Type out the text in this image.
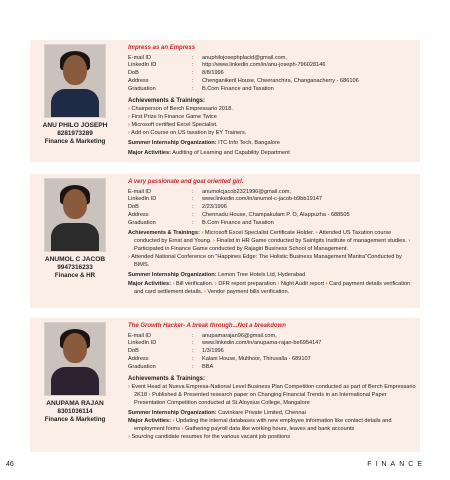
ANU PHILO JOSEPH
8281973289
Finance & Marketing
Impress as an Empress
E-mail ID	:	anuphilojosephplacid@gmail.com,
LinkedIn ID	:	http://www.linkedin.com/in/anu-joseph-796028146
DoB	:	8/8/1996
Address	:	Chenganikeril House, Cheeranchira, Changanacherry - 686106
Graduation	:	B.Com Finance and Taxation
Achievements & Trainings:
› Chairperson of Berch Empressario 2018.
› First Prize In Finance Game Twice
› Microsoft certified Excel Specialist.
› Add on Course on US taxation by EY Trainers.
Summer Internship Organization: ITC Info Tech, Bangalore
Major Activities: Auditing of Learning and Capability Department
ANUMOL C JACOB
9947316233
Finance & HR
A very passionate and goal oriented girl.
E-mail ID	:	anumolcjacob2321996@gmail.com,
LinkedIn ID	:	www.linkedin.com/in/anumol-c-jacob-b9bb19147
DoB	:	2/23/1996
Address	:	Chennadu House, Champakulam P. O, Alappuzha - 688505
Graduation	:	B.Com Finance and Taxation
Achievements & Trainings: › Microsoft Excel Specialist Certificate Holder. › Attended US Taxation course conducted by Ernst and Young. › Finalist in HR Game conducted by Saintgits Institute of management studies. › Participated in Finance Game conducted by Rajagiri Business School of Management.
› Attended National Conference on "Happines Edge: The Holistic Business Management Mantra"Conducted by BIMS.
Summer Internship Organization: Lemon Tree Hotels Ltd, Hyderabad
Major Activities: › Bill verification. › DFR report preparation › Night Audit report › Card payment details verification and card settlement details. › Vendor payment bills verification.
ANUPAMA RAJAN
8301036114
Finance & Marketing
The Growth Hacker- A break through...Not a breakdown
E-mail ID	:	anupamarajan96@gmail.com,
LinkedIn ID	:	www.linkedin.com/in/anupama-rajan-be6954147
DoB	:	1/3/1996
Address	:	Kalani House, Multhoor, Thiruvalla - 689107
Graduation	:	BBA
Achievements & Trainings:
› Event Head at Nueva Empresa-National Level Business Plan Competition conducted as part of Berch Empressario 2K18 › Published & Presented research paper on Changing Financial Trends in an International Paper Presentation Competition conducted at St.Aloysius College, Mangalore
Summer Internship Organization: Cavinkare Private Limited, Chennai
Major Activities: › Updating the internal databases with new employee information like contact details and employment forms › Gathering payroll data like working hours, leaves and bank accounts
› Sourcing candidate resumes for the various vacant job positions
46	FINANCE
